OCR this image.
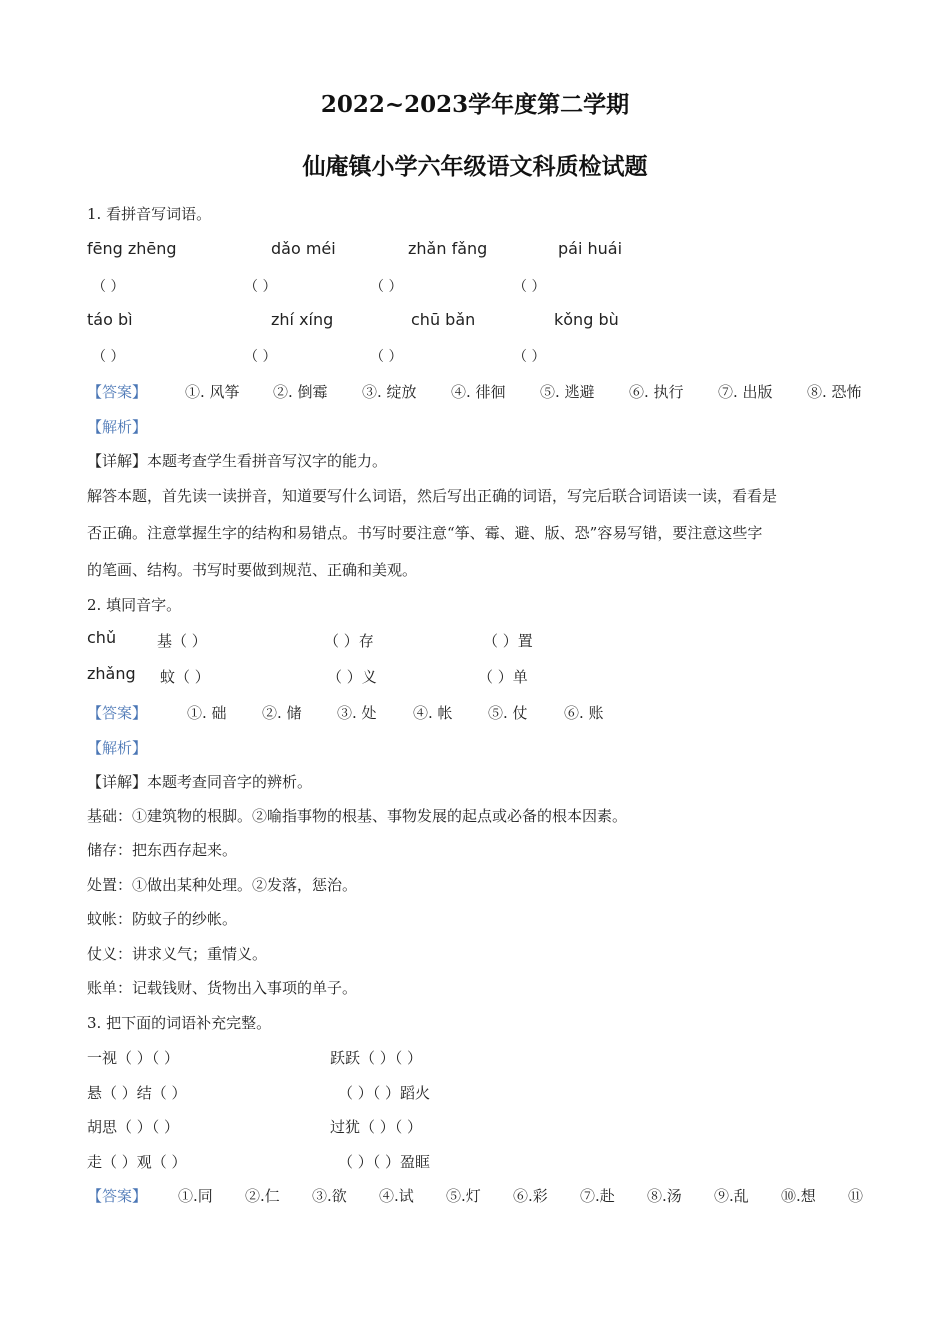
2022~2023学年度第二学期
仙庵镇小学六年级语文科质检试题
1. 看拼音写词语。
fēng zhēng	dǎo méi	zhǎn fǎng	pái huái
（ ）	（ ）	（ ）	（ ）
táo bì	zhí xíng	chū bǎn	kǒng bù
（ ）	（ ）	（ ）	（ ）
【答案】	①. 风筝 ②. 倒霉 ③. 绽放 ④. 徘徊 ⑤. 逃避 ⑥. 执行 ⑦. 出版 ⑧. 恐怖
【解析】
【详解】本题考查学生看拼音写汉字的能力。
解答本题，首先读一读拼音，知道要写什么词语，然后写出正确的词语，写完后联合词语读一读，看看是
否正确。注意掌握生字的结构和易错点。书写时要注意“筝、霉、避、版、恐”容易写错，要注意这些字
的笔画、结构。书写时要做到规范、正确和美观。
2. 填同音字。
chǔ	基（ ）	（ ）存	（ ）置
zhǎng 蚊（ ）	（ ）义	（ ）单
【答案】	①. 础 ②. 储 ③. 处 ④. 帐 ⑤. 仗 ⑥. 账
【解析】
【详解】本题考查同音字的辨析。
基础：①建筑物的根脚。②喻指事物的根基、事物发展的起点或必备的根本因素。
储存：把东西存起来。
处置：①做出某种处理。②发落，惩治。
蚊帐：防蚊子的纱帐。
仗义：讲求义气；重情义。
账单：记载钱财、货物出入事项的单子。
3. 把下面的词语补充完整。
一视（ ）（ ）	跃跃（ ）（ ）
悬（ ）结（ ）	（ ）（ ）蹈火
胡思（ ）（ ）	过犹（ ）（ ）
走（ ）观（ ）	（ ）（ ）盈眶
【答案】 ①.同 ②.仁 ③.欲 ④.试 ⑤.灯 ⑥.彩 ⑦.赴 ⑧.汤 ⑨.乱 ⑩.想 ⑪
